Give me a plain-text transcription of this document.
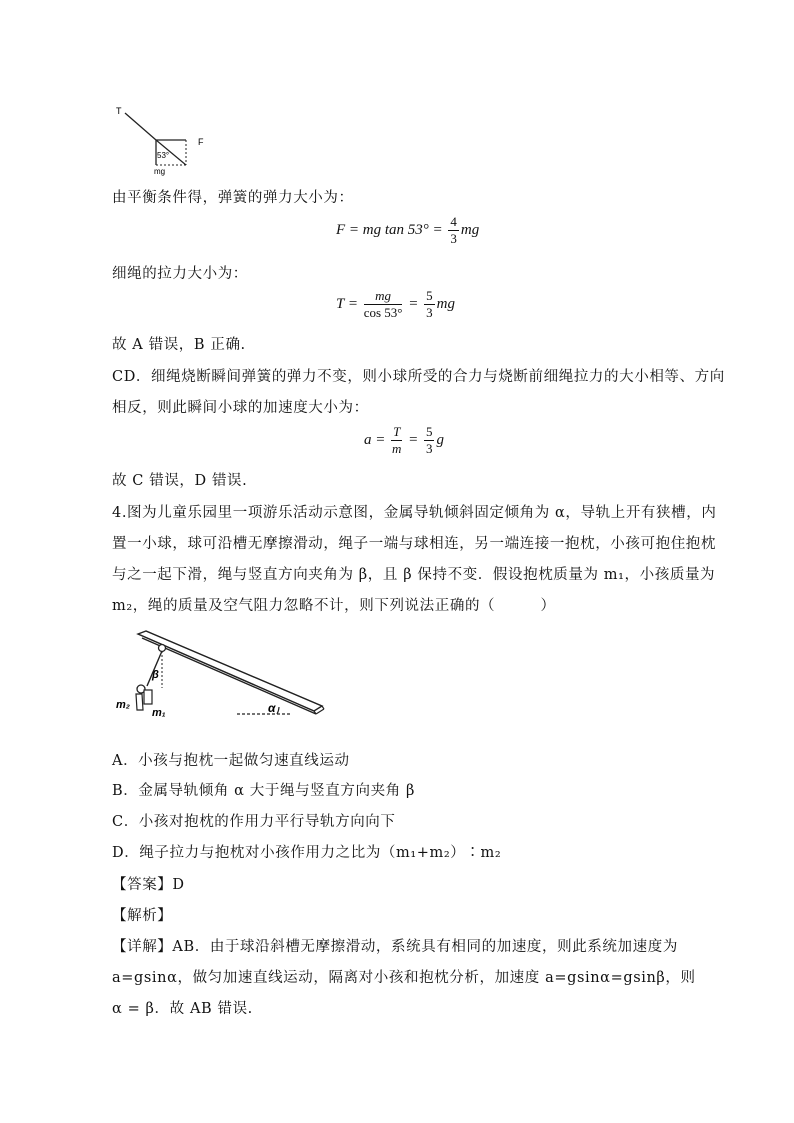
T
F
53°
mg
由平衡条件得，弹簧的弹力大小为：
F = mg $\tan 53^\circ = \frac{4}{3}$ mg
细绳的拉力大小为：
$T = \frac{mg}{\cos 53^\circ} = \frac{5}{3}$ mg
故 A 错误，B 正确.
CD．细绳烧断瞬间弹簧的弹力不变，则小球所受的合力与烧断前细绳拉力的大小相等、方向
相反，则此瞬间小球的加速度大小为：
$a = \frac{T}{m} = \frac{5}{3}$ g
故 C 错误，D 错误.
4.图为儿童乐园里一项游乐活动示意图，金属导轨倾斜固定倾角为 α，导轨上开有狭槽，内
置一小球，球可沿槽无摩擦滑动，绳子一端与球相连，另一端连接一抱枕，小孩可抱住抱枕
与之一起下滑，绳与竖直方向夹角为 β，且 β 保持不变．假设抱枕质量为 m₁，小孩质量为
m₂，绳的质量及空气阻力忽略不计，则下列说法正确的（　　　）
β
m₂
m₁	α
A．小孩与抱枕一起做匀速直线运动
B．金属导轨倾角 α 大于绳与竖直方向夹角 β
C．小孩对抱枕的作用力平行导轨方向向下
D．绳子拉力与抱枕对小孩作用力之比为（m₁+m₂）∶m₂
【答案】D
【解析】
【详解】AB．由于球沿斜槽无摩擦滑动，系统具有相同的加速度，则此系统加速度为
a=gsinα，做匀加速直线运动，隔离对小孩和抱枕分析，加速度 a=gsinα=gsinβ，则
α = β．故 AB 错误.
